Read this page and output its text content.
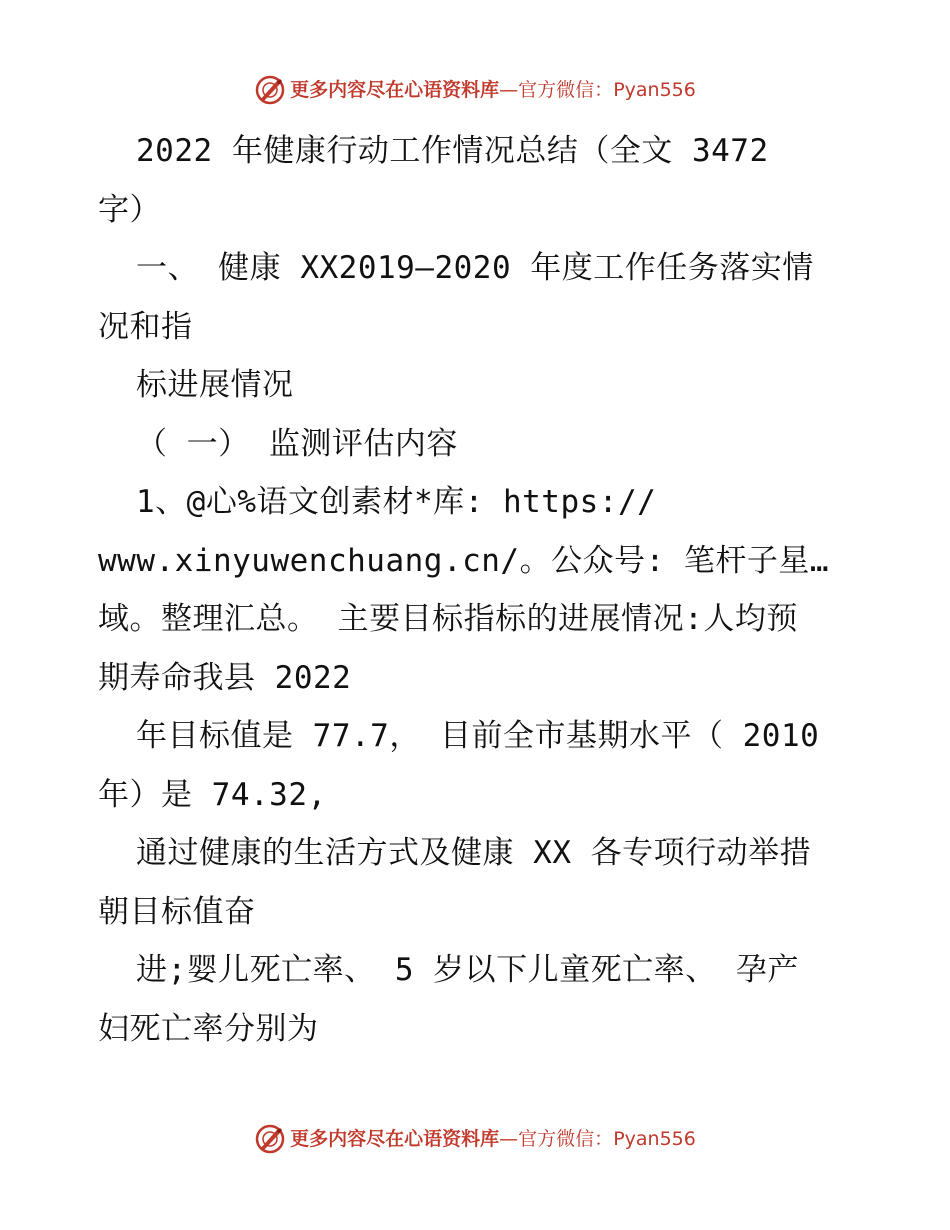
更多内容尽在心语资料库 — 官方微信： Pyan556

2022 年健康行动工作情况总结（全文 3472

字）

一、 健康 XX2019—2020 年度工作任务落实情

况和指

标进展情况

（ 一） 监测评估内容

1、@心%语文创素材*库: https://

www.xinyuwenchuang.cn/。公众号: 笔杆子星…

域。整理汇总。 主要目标指标的进展情况:人均预

期寿命我县 2022

年目标值是 77.7， 目前全市基期水平（ 2010

年）是 74.32,

通过健康的生活方式及健康 XX 各专项行动举措

朝目标值奋

进;婴儿死亡率、 5 岁以下儿童死亡率、 孕产

妇死亡率分别为

更多内容尽在心语资料库 — 官方微信： Pyan556
